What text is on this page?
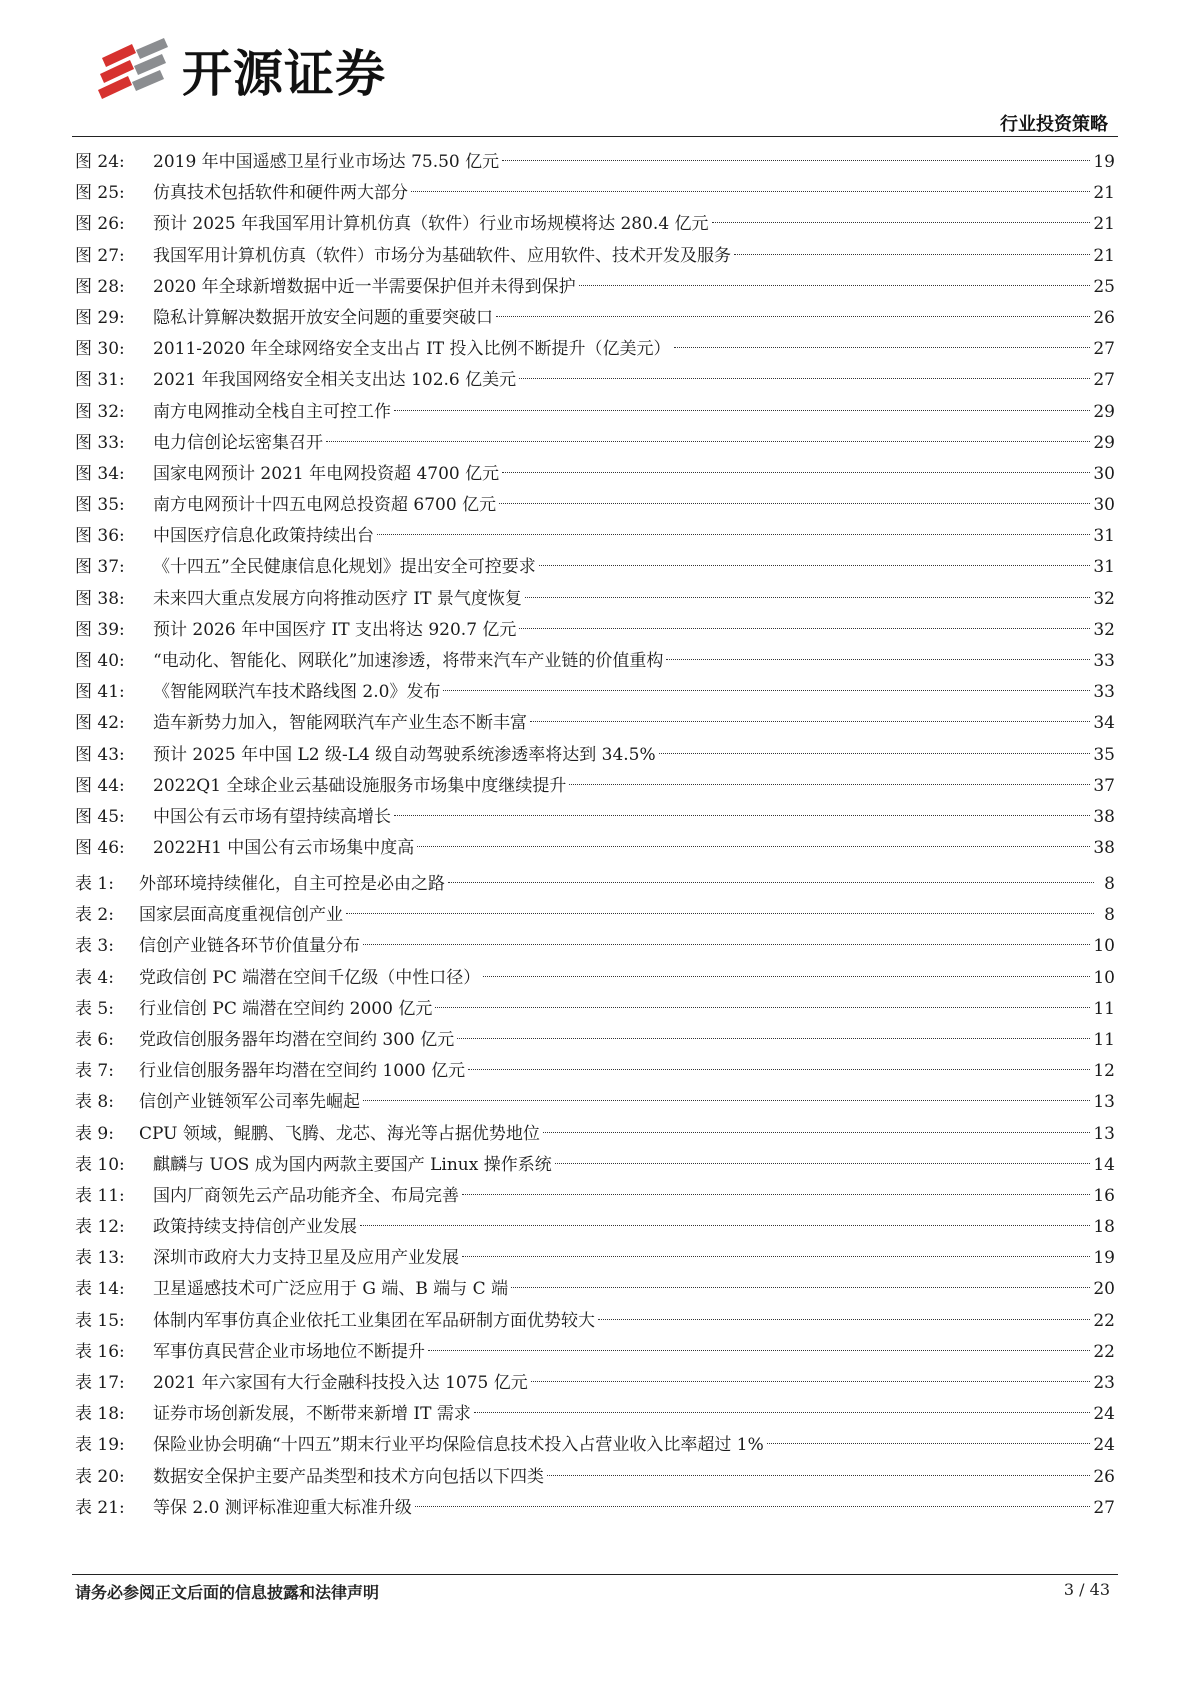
开源证券
行业投资策略
图 24:	2019 年中国遥感卫星行业市场达 75.50 亿元	19
图 25:	仿真技术包括软件和硬件两大部分	21
图 26:	预计 2025 年我国军用计算机仿真（软件）行业市场规模将达 280.4 亿元	21
图 27:	我国军用计算机仿真（软件）市场分为基础软件、应用软件、技术开发及服务	21
图 28:	2020 年全球新增数据中近一半需要保护但并未得到保护	25
图 29:	隐私计算解决数据开放安全问题的重要突破口	26
图 30:	2011-2020 年全球网络安全支出占 IT 投入比例不断提升（亿美元）	27
图 31:	2021 年我国网络安全相关支出达 102.6 亿美元	27
图 32:	南方电网推动全栈自主可控工作	29
图 33:	电力信创论坛密集召开	29
图 34:	国家电网预计 2021 年电网投资超 4700 亿元	30
图 35:	南方电网预计十四五电网总投资超 6700 亿元	30
图 36:	中国医疗信息化政策持续出台	31
图 37:	《十四五”全民健康信息化规划》提出安全可控要求	31
图 38:	未来四大重点发展方向将推动医疗 IT 景气度恢复	32
图 39:	预计 2026 年中国医疗 IT 支出将达 920.7 亿元	32
图 40:	“电动化、智能化、网联化”加速渗透，将带来汽车产业链的价值重构	33
图 41:	《智能网联汽车技术路线图 2.0》发布	33
图 42:	造车新势力加入，智能网联汽车产业生态不断丰富	34
图 43:	预计 2025 年中国 L2 级-L4 级自动驾驶系统渗透率将达到 34.5%	35
图 44:	2022Q1 全球企业云基础设施服务市场集中度继续提升	37
图 45:	中国公有云市场有望持续高增长	38
图 46:	2022H1 中国公有云市场集中度高	38
表 1:	外部环境持续催化，自主可控是必由之路	8
表 2:	国家层面高度重视信创产业	8
表 3:	信创产业链各环节价值量分布	10
表 4:	党政信创 PC 端潜在空间千亿级（中性口径）	10
表 5:	行业信创 PC 端潜在空间约 2000 亿元	11
表 6:	党政信创服务器年均潜在空间约 300 亿元	11
表 7:	行业信创服务器年均潜在空间约 1000 亿元	12
表 8:	信创产业链领军公司率先崛起	13
表 9:	CPU 领域，鲲鹏、飞腾、龙芯、海光等占据优势地位	13
表 10:	麒麟与 UOS 成为国内两款主要国产 Linux 操作系统	14
表 11:	国内厂商领先云产品功能齐全、布局完善	16
表 12:	政策持续支持信创产业发展	18
表 13:	深圳市政府大力支持卫星及应用产业发展	19
表 14:	卫星遥感技术可广泛应用于 G 端、B 端与 C 端	20
表 15:	体制内军事仿真企业依托工业集团在军品研制方面优势较大	22
表 16:	军事仿真民营企业市场地位不断提升	22
表 17:	2021 年六家国有大行金融科技投入达 1075 亿元	23
表 18:	证券市场创新发展，不断带来新增 IT 需求	24
表 19:	保险业协会明确“十四五”期末行业平均保险信息技术投入占营业收入比率超过 1%	24
表 20:	数据安全保护主要产品类型和技术方向包括以下四类	26
表 21:	等保 2.0 测评标准迎重大标准升级	27
请务必参阅正文后面的信息披露和法律声明	3 / 43
